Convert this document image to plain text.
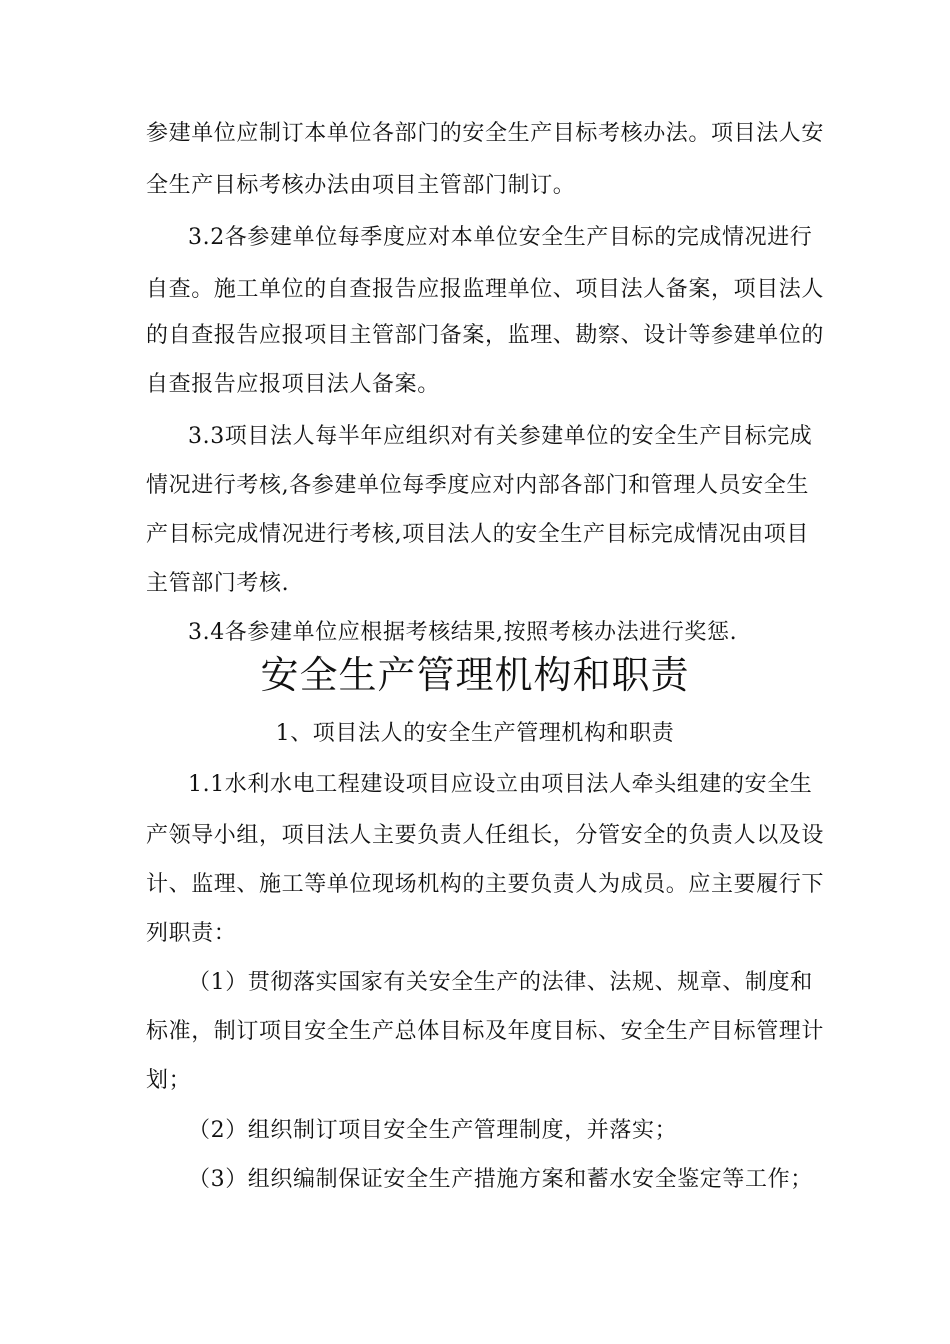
参建单位应制订本单位各部门的安全生产目标考核办法。项目法人安
全生产目标考核办法由项目主管部门制订。
3.2各参建单位每季度应对本单位安全生产目标的完成情况进行
自查。施工单位的自查报告应报监理单位、项目法人备案，项目法人
的自查报告应报项目主管部门备案，监理、勘察、设计等参建单位的
自查报告应报项目法人备案。
3.3项目法人每半年应组织对有关参建单位的安全生产目标完成
情况进行考核,各参建单位每季度应对内部各部门和管理人员安全生
产目标完成情况进行考核,项目法人的安全生产目标完成情况由项目
主管部门考核.
3.4各参建单位应根据考核结果,按照考核办法进行奖惩.
安全生产管理机构和职责
1、项目法人的安全生产管理机构和职责
1.1水利水电工程建设项目应设立由项目法人牵头组建的安全生
产领导小组，项目法人主要负责人任组长，分管安全的负责人以及设
计、监理、施工等单位现场机构的主要负责人为成员。应主要履行下
列职责：
（1）贯彻落实国家有关安全生产的法律、法规、规章、制度和
标准，制订项目安全生产总体目标及年度目标、安全生产目标管理计
划；
（2）组织制订项目安全生产管理制度，并落实；
（3）组织编制保证安全生产措施方案和蓄水安全鉴定等工作；
